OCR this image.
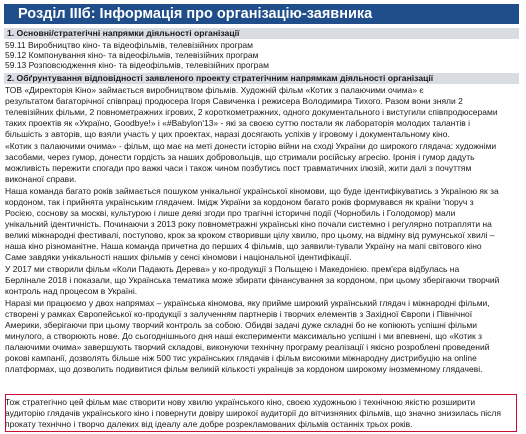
Розділ ІІІб: Інформація про організацію-заявника
1. Основні/стратегічні напрямки діяльності організації
59.11 Виробництво кіно- та відеофільмів, телевізійних програм
59.12 Компонування кіно- та відеофільмів, телевізійних програм
59.13 Розповсюдження кіно- та відеофільмів, телевізійних програм
2. Обґрунтування відповідності заявленого проекту стратегічним напрямкам діяльності організації
ТОВ «Директорія Кіно» займається виробництвом фільмів. Художній фільм «Котик з палаючими очима» є
результатом багаторічної співпраці продюсера Ігоря Савиченка і режисера Володимира Тихого. Разом вони зняли 2
телевізійних фільми, 2 повнометражних ігрових, 2 короткометражних, одного документального і вистугили співпродюсерами
таких проектів як «Україно, Goodbye!» і «#Babylon'13» - які за своєю суттю постали як лабораторія молодих талантів і
більшість з авторів, що взяли участь у цих проектах, наразі досягають успіхів у ігровому і документальному кіно.
«Котик з палаючими очима» - фільм, що має на меті донести історію війни на сході України до широкого глядача: художніми
засобами, через гумор, донести гордість за наших добровольців, що стримали російську агресію. Іронія і гумор дадуть
можливість пережити спогади про важкі часи і також чином позбутись пост травматичних ілюзій, жити далі з почуттям
виконаної справи.
Наша команда багато років займається пошуком унікальної української кіномови, що буде ідентифікуватись з Україною як за
кордоном, так і прийнята українським глядачем. Імідж України за кордоном багато років формувався як країни 'поруч з
Росією, соснову за москві, культурою і лише деякі згоди про трагічні історичні події (Чорнобиль і Голодомор) мали
унікальний ідентичність. Починаючи з 2013 року повнометражні українські кіно почали системно і регулярно потрапляти на
великі міжнародні фестивалі, поступово, крок за кроком створивши цілу хвилю, про цьому, на відміну від румунської хвилі –
наша кіно різноманітне. Наша команда причетна до перших 4 фільмів, що заявили-тували Україну на мапі світового кіно
Саме завдяки унікальності наших фільмів у сенсі кіномови і національної ідентифікації.
У 2017 ми створили фільм «Коли Падають Дерева» у ко-продукції з Польщею і Македонією. прем'єра відбулась на
Берлінале 2018 і показали, що Українська тематика може збирати фінансування за кордоном, при цьому зберігаючи творчий
контроль над процесом в Україні.
Наразі ми працюємо у двох напрямах – українська кіномова, яку прийме широкий український глядач і міжнародні фільми,
створені у рамках Європейської ко-продукції з залученням партнерів і творчих елементів з Західної Європи і Північної
Америки, зберігаючи при цьому творчий контроль за собою. Обидві задачі дуже складні бо не копіюють успішні фільми
минулого, а створюють нове. До сьогоднішнього дня наші експерименти максимально успішні і ми впевнені, що «Котик з
палаючими очима» завершують творчий складові, виконуючи технічну програму реалізації і якісно розроблені проведений
рокові кампанії, дозволять більше ніж 500 тис українських глядачів і фільм високими міжнародну дистрибуцію на online
платформах, що дозволить подивитися фільм великій кількості українців за кордоном широкому інозмемному глядачеві.
Тож стратегічно цей фільм має створити нову хвилю українського кіно, своєю художньою і технічною якістю розширити
аудиторію глядачів українського кіно і повернути довіру широкої аудиторії до вітчизняних фільмів, що значно знизилась після
прокату технічно і творчо далеких від ідеалу але добре розрекламованих фільмів останніх трьох років.
